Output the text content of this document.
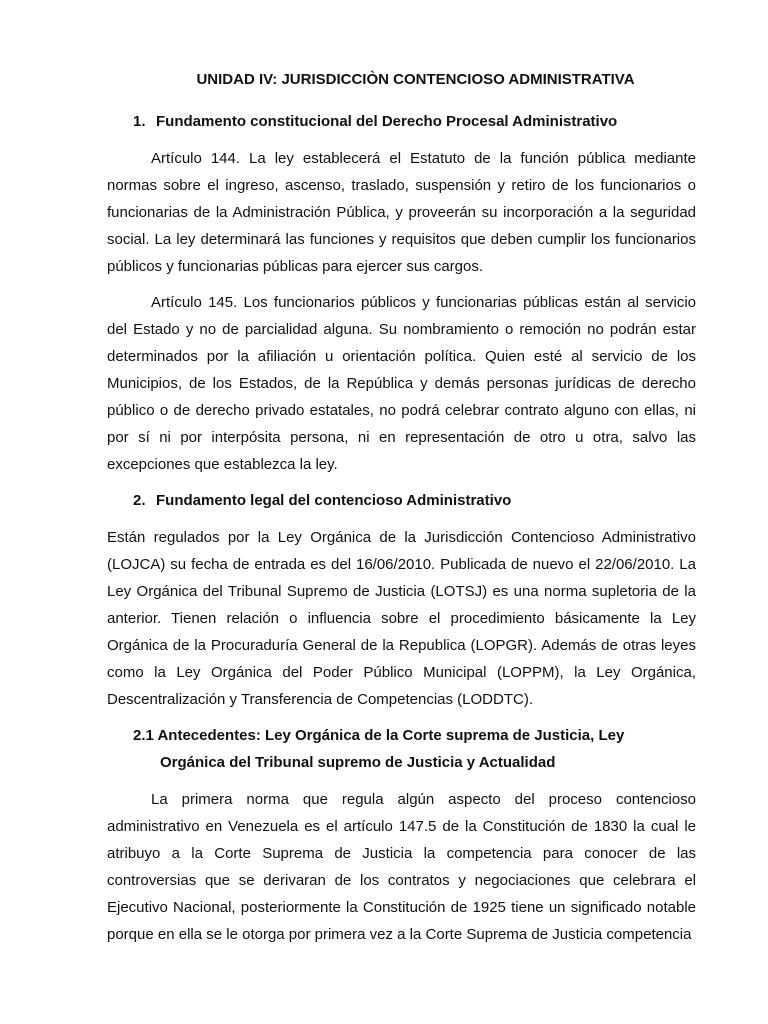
UNIDAD IV: JURISDICCIÒN CONTENCIOSO ADMINISTRATIVA
1. Fundamento constitucional del Derecho Procesal Administrativo

Artículo 144. La ley establecerá el Estatuto de la función pública mediante normas sobre el ingreso, ascenso, traslado, suspensión y retiro de los funcionarios o funcionarias de la Administración Pública, y proveerán su incorporación a la seguridad social. La ley determinará las funciones y requisitos que deben cumplir los funcionarios públicos y funcionarias públicas para ejercer sus cargos.

Artículo 145. Los funcionarios públicos y funcionarias públicas están al servicio del Estado y no de parcialidad alguna. Su nombramiento o remoción no podrán estar determinados por la afiliación u orientación política. Quien esté al servicio de los Municipios, de los Estados, de la República y demás personas jurídicas de derecho público o de derecho privado estatales, no podrá celebrar contrato alguno con ellas, ni por sí ni por interpósita persona, ni en representación de otro u otra, salvo las excepciones que establezca la ley.

2. Fundamento legal del contencioso Administrativo

Están regulados por la Ley Orgánica de la Jurisdicción Contencioso Administrativo (LOJCA) su fecha de entrada es del 16/06/2010. Publicada de nuevo el 22/06/2010. La Ley Orgánica del Tribunal Supremo de Justicia (LOTSJ) es una norma supletoria de la anterior. Tienen relación o influencia sobre el procedimiento básicamente la Ley Orgánica de la Procuraduría General de la Republica (LOPGR). Además de otras leyes como la Ley Orgánica del Poder Público Municipal (LOPPM), la Ley Orgánica, Descentralización y Transferencia de Competencias (LODDTC).

2.1 Antecedentes: Ley Orgánica de la Corte suprema de Justicia, Ley
Orgánica del Tribunal supremo de Justicia y Actualidad

La primera norma que regula algún aspecto del proceso contencioso administrativo en Venezuela es el artículo 147.5 de la Constitución de 1830 la cual le atribuyo a la Corte Suprema de Justicia la competencia para conocer de las controversias que se derivaran de los contratos y negociaciones que celebrara el Ejecutivo Nacional, posteriormente la Constitución de 1925 tiene un significado notable porque en ella se le otorga por primera vez a la Corte Suprema de Justicia competencia
